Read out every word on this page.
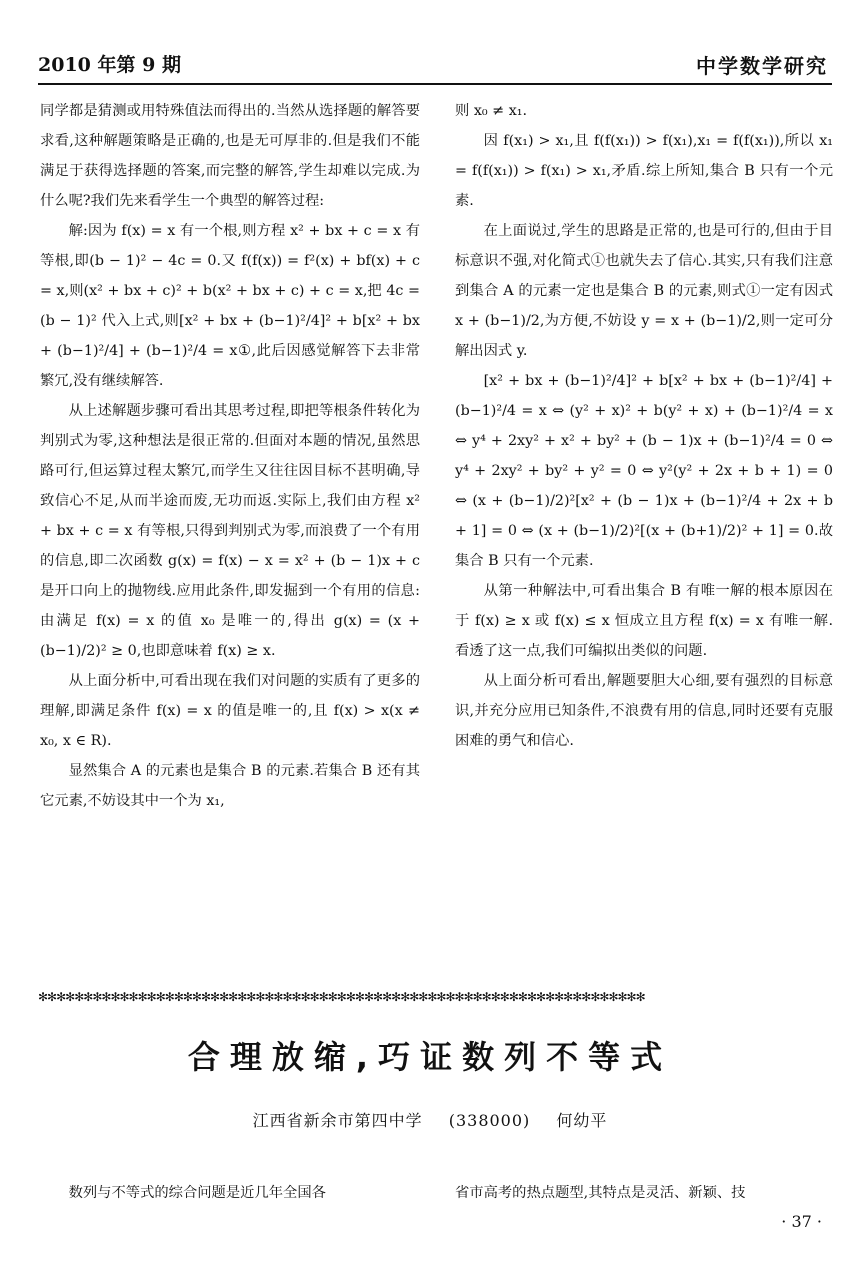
2010 年第 9 期	中学数学研究

同学都是猜测或用特殊值法而得出的.当然从选择题的解答要求看,这种解题策略是正确的,也是无可厚非的.但是我们不能满足于获得选择题的答案,而完整的解答,学生却难以完成.为什么呢?我们先来看学生一个典型的解答过程:

解:因为 f(x) = x 有一个根,则方程 x² + bx + c = x 有等根,即(b − 1)² − 4c = 0.又 f(f(x)) = f²(x) + bf(x) + c = x,则(x² + bx + c)² + b(x² + bx + c) + c = x,把 4c = (b − 1)² 代入上式,则[x² + bx + (b−1)²/4]² + b[x² + bx + (b−1)²/4] + (b−1)²/4 = x①,此后因感觉解答下去非常繁冗,没有继续解答.

从上述解题步骤可看出其思考过程,即把等根条件转化为判别式为零,这种想法是很正常的.但面对本题的情况,虽然思路可行,但运算过程太繁冗,而学生又往往因目标不甚明确,导致信心不足,从而半途而废,无功而返.实际上,我们由方程 x² + bx + c = x 有等根,只得到判别式为零,而浪费了一个有用的信息,即二次函数 g(x) = f(x) − x = x² + (b − 1)x + c 是开口向上的抛物线.应用此条件,即发掘到一个有用的信息:由满足 f(x) = x 的值 x₀ 是唯一的,得出 g(x) = (x + (b−1)/2)² ≥ 0,也即意味着 f(x) ≥ x.

从上面分析中,可看出现在我们对问题的实质有了更多的理解,即满足条件 f(x) = x 的值是唯一的,且 f(x) > x(x ≠ x₀, x ∈ R).

显然集合 A 的元素也是集合 B 的元素.若集合 B 还有其它元素,不妨设其中一个为 x₁,

则 x₀ ≠ x₁.

因 f(x₁) > x₁,且 f(f(x₁)) > f(x₁),x₁ = f(f(x₁)),所以 x₁ = f(f(x₁)) > f(x₁) > x₁,矛盾.综上所知,集合 B 只有一个元素.

在上面说过,学生的思路是正常的,也是可行的,但由于目标意识不强,对化简式①也就失去了信心.其实,只有我们注意到集合 A 的元素一定也是集合 B 的元素,则式①一定有因式 x + (b−1)/2,为方便,不妨设 y = x + (b−1)/2,则一定可分解出因式 y.

[x² + bx + (b−1)²/4]² + b[x² + bx + (b−1)²/4] + (b−1)²/4 = x ⇔ (y² + x)² + b(y² + x) + (b−1)²/4 = x ⇔ y⁴ + 2xy² + x² + by² + (b − 1)x + (b−1)²/4 = 0 ⇔ y⁴ + 2xy² + by² + y² = 0 ⇔ y²(y² + 2x + b + 1) = 0 ⇔ (x + (b−1)/2)²[x² + (b − 1)x + (b−1)²/4 + 2x + b + 1] = 0 ⇔ (x + (b−1)/2)²[(x + (b+1)/2)² + 1] = 0.故集合 B 只有一个元素.

从第一种解法中,可看出集合 B 有唯一解的根本原因在于 f(x) ≥ x 或 f(x) ≤ x 恒成立且方程 f(x) = x 有唯一解.看透了这一点,我们可编拟出类似的问题.

从上面分析可看出,解题要胆大心细,要有强烈的目标意识,并充分应用已知条件,不浪费有用的信息,同时还要有克服困难的勇气和信心.

✻✻✻✻✻✻✻✻✻✻✻✻✻✻✻✻✻✻✻✻✻✻✻✻✻✻✻✻✻✻✻✻✻✻✻✻✻✻✻✻✻✻✻✻✻✻✻✻✻✻✻✻✻✻✻✻✻✻✻✻✻✻✻✻✻✻✻
合理放缩,巧证数列不等式
江西省新余市第四中学 (338000) 何幼平
数列与不等式的综合问题是近几年全国各	省市高考的热点题型,其特点是灵活、新颖、技
· 37 ·
